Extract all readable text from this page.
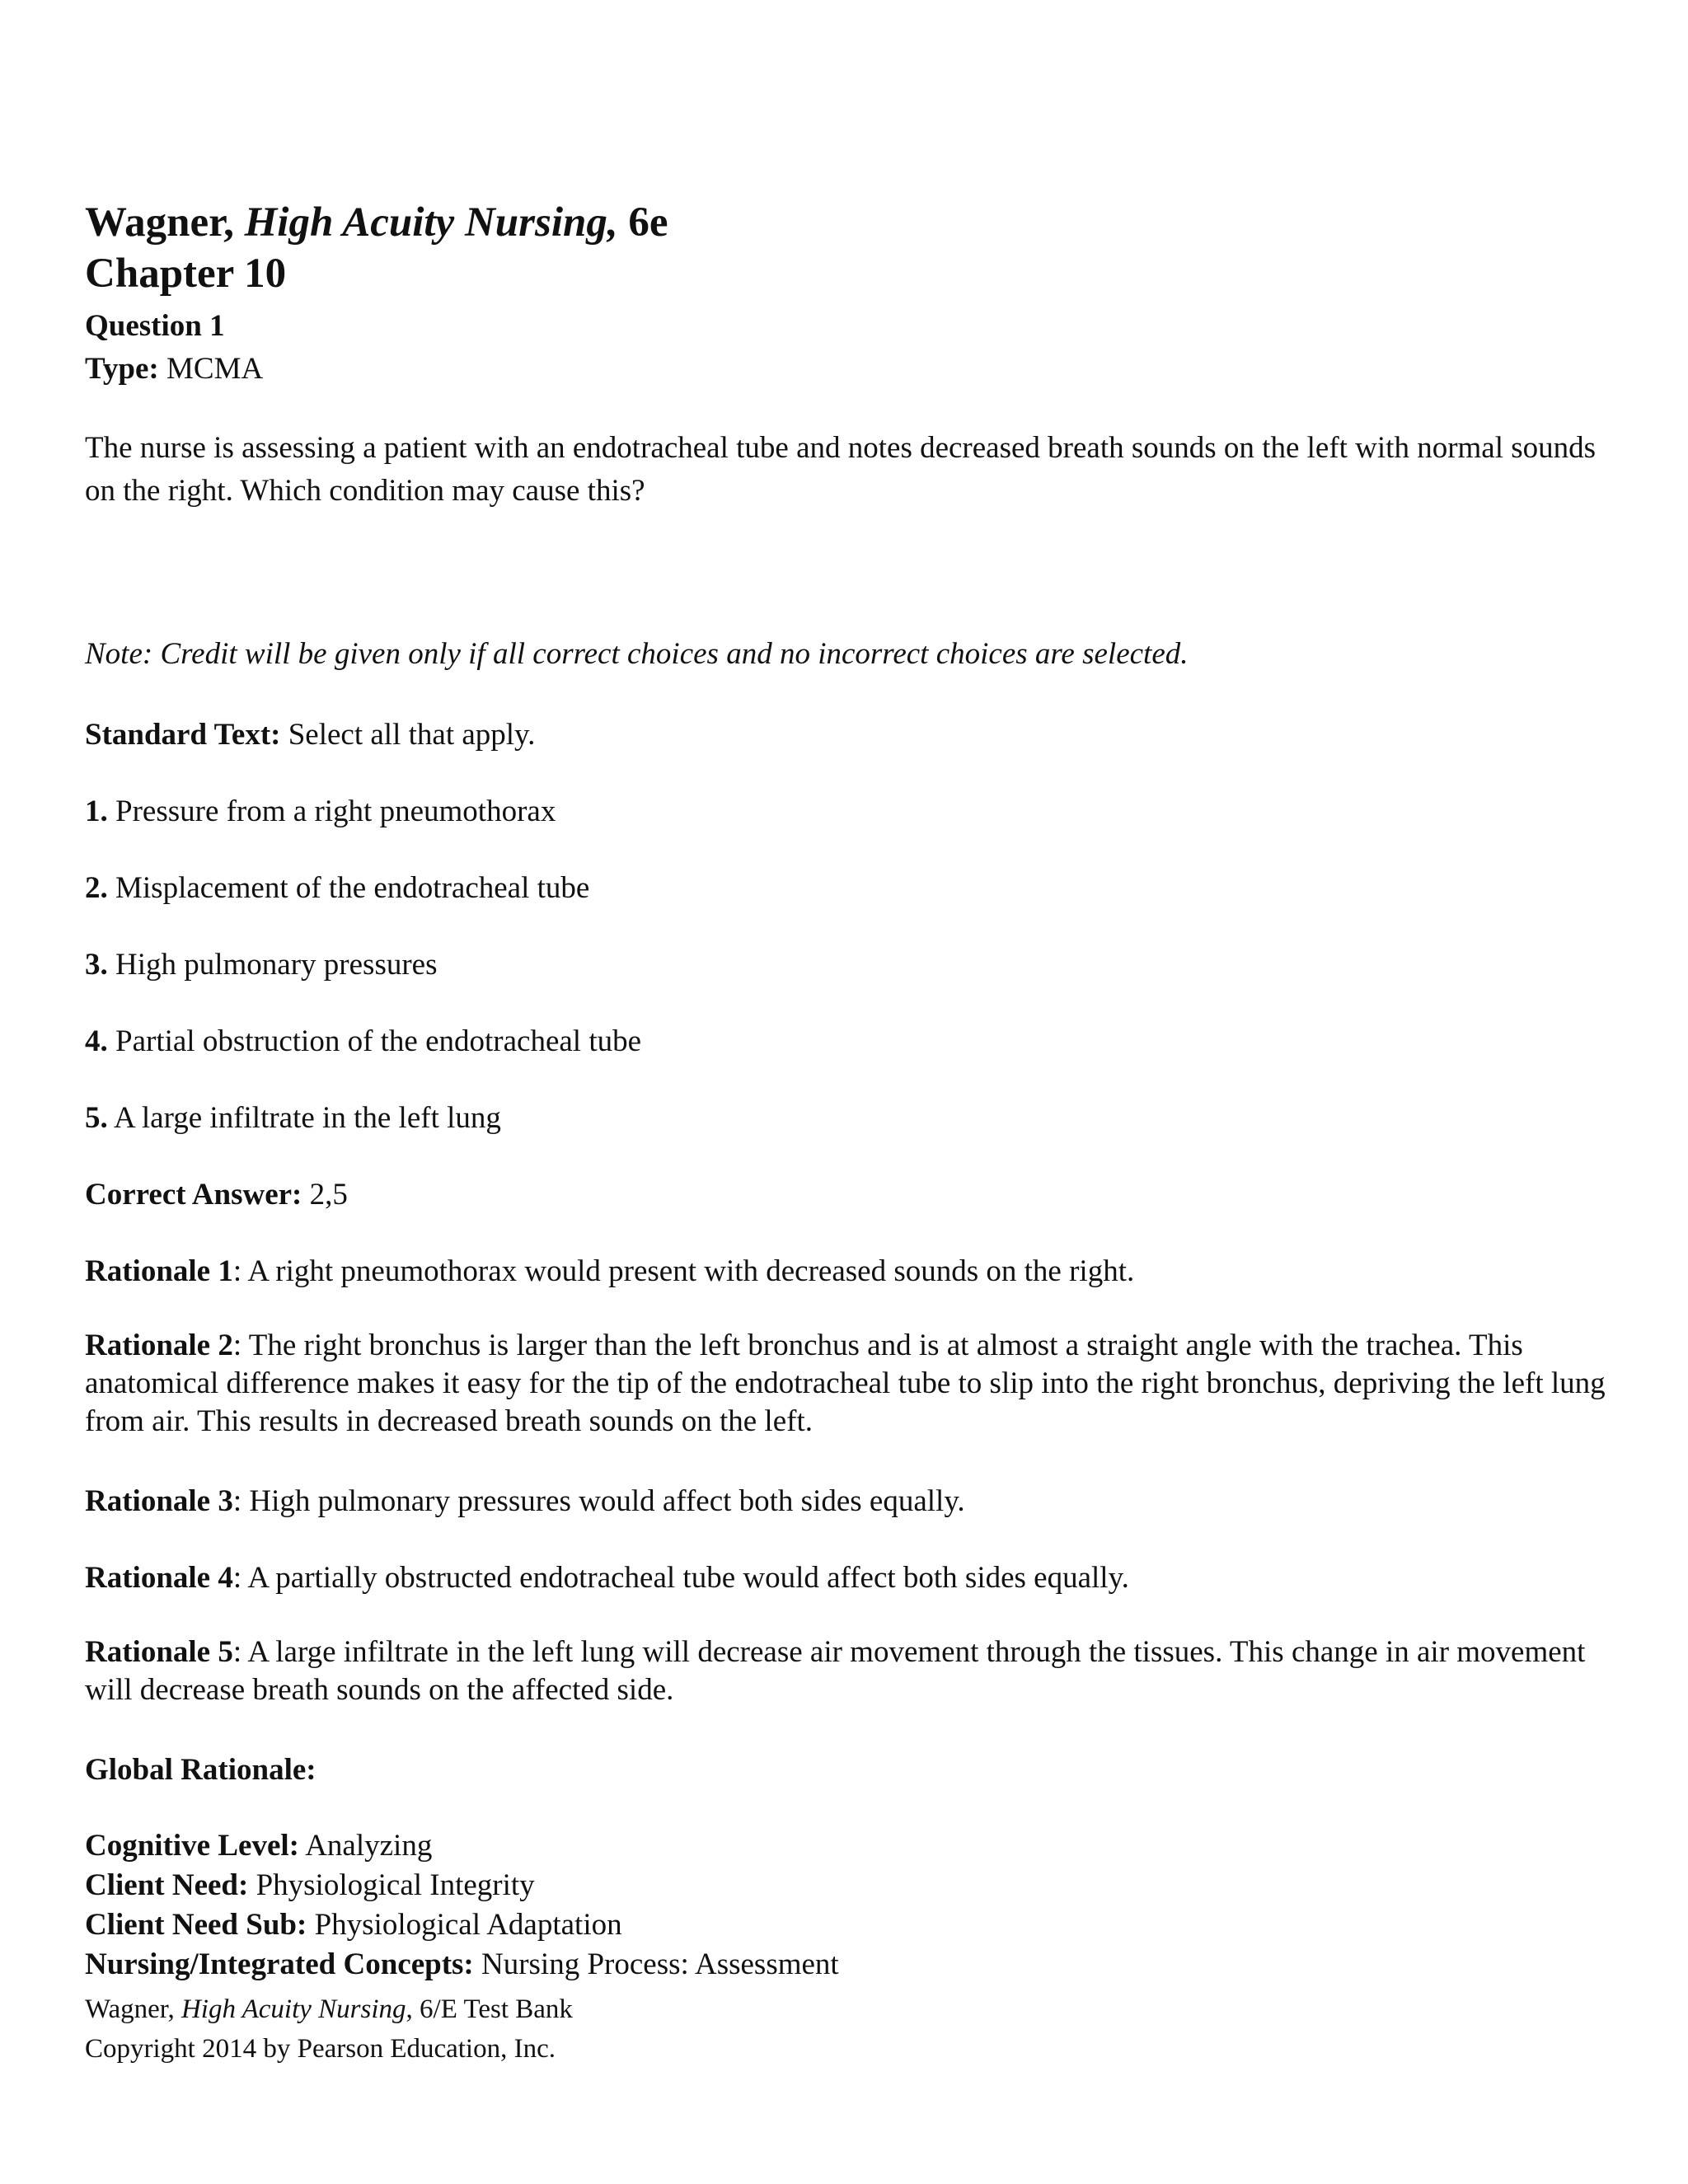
Wagner, High Acuity Nursing, 6e
Chapter 10
Question 1
Type: MCMA
The nurse is assessing a patient with an endotracheal tube and notes decreased breath sounds on the left with normal sounds on the right. Which condition may cause this?
Note: Credit will be given only if all correct choices and no incorrect choices are selected.
Standard Text: Select all that apply.
1. Pressure from a right pneumothorax
2. Misplacement of the endotracheal tube
3. High pulmonary pressures
4. Partial obstruction of the endotracheal tube
5. A large infiltrate in the left lung
Correct Answer: 2,5
Rationale 1: A right pneumothorax would present with decreased sounds on the right.
Rationale 2: The right bronchus is larger than the left bronchus and is at almost a straight angle with the trachea. This anatomical difference makes it easy for the tip of the endotracheal tube to slip into the right bronchus, depriving the left lung from air. This results in decreased breath sounds on the left.
Rationale 3: High pulmonary pressures would affect both sides equally.
Rationale 4: A partially obstructed endotracheal tube would affect both sides equally.
Rationale 5: A large infiltrate in the left lung will decrease air movement through the tissues. This change in air movement will decrease breath sounds on the affected side.
Global Rationale:
Cognitive Level: Analyzing
Client Need: Physiological Integrity
Client Need Sub: Physiological Adaptation
Nursing/Integrated Concepts: Nursing Process: Assessment
Wagner, High Acuity Nursing, 6/E Test Bank
Copyright 2014 by Pearson Education, Inc.
